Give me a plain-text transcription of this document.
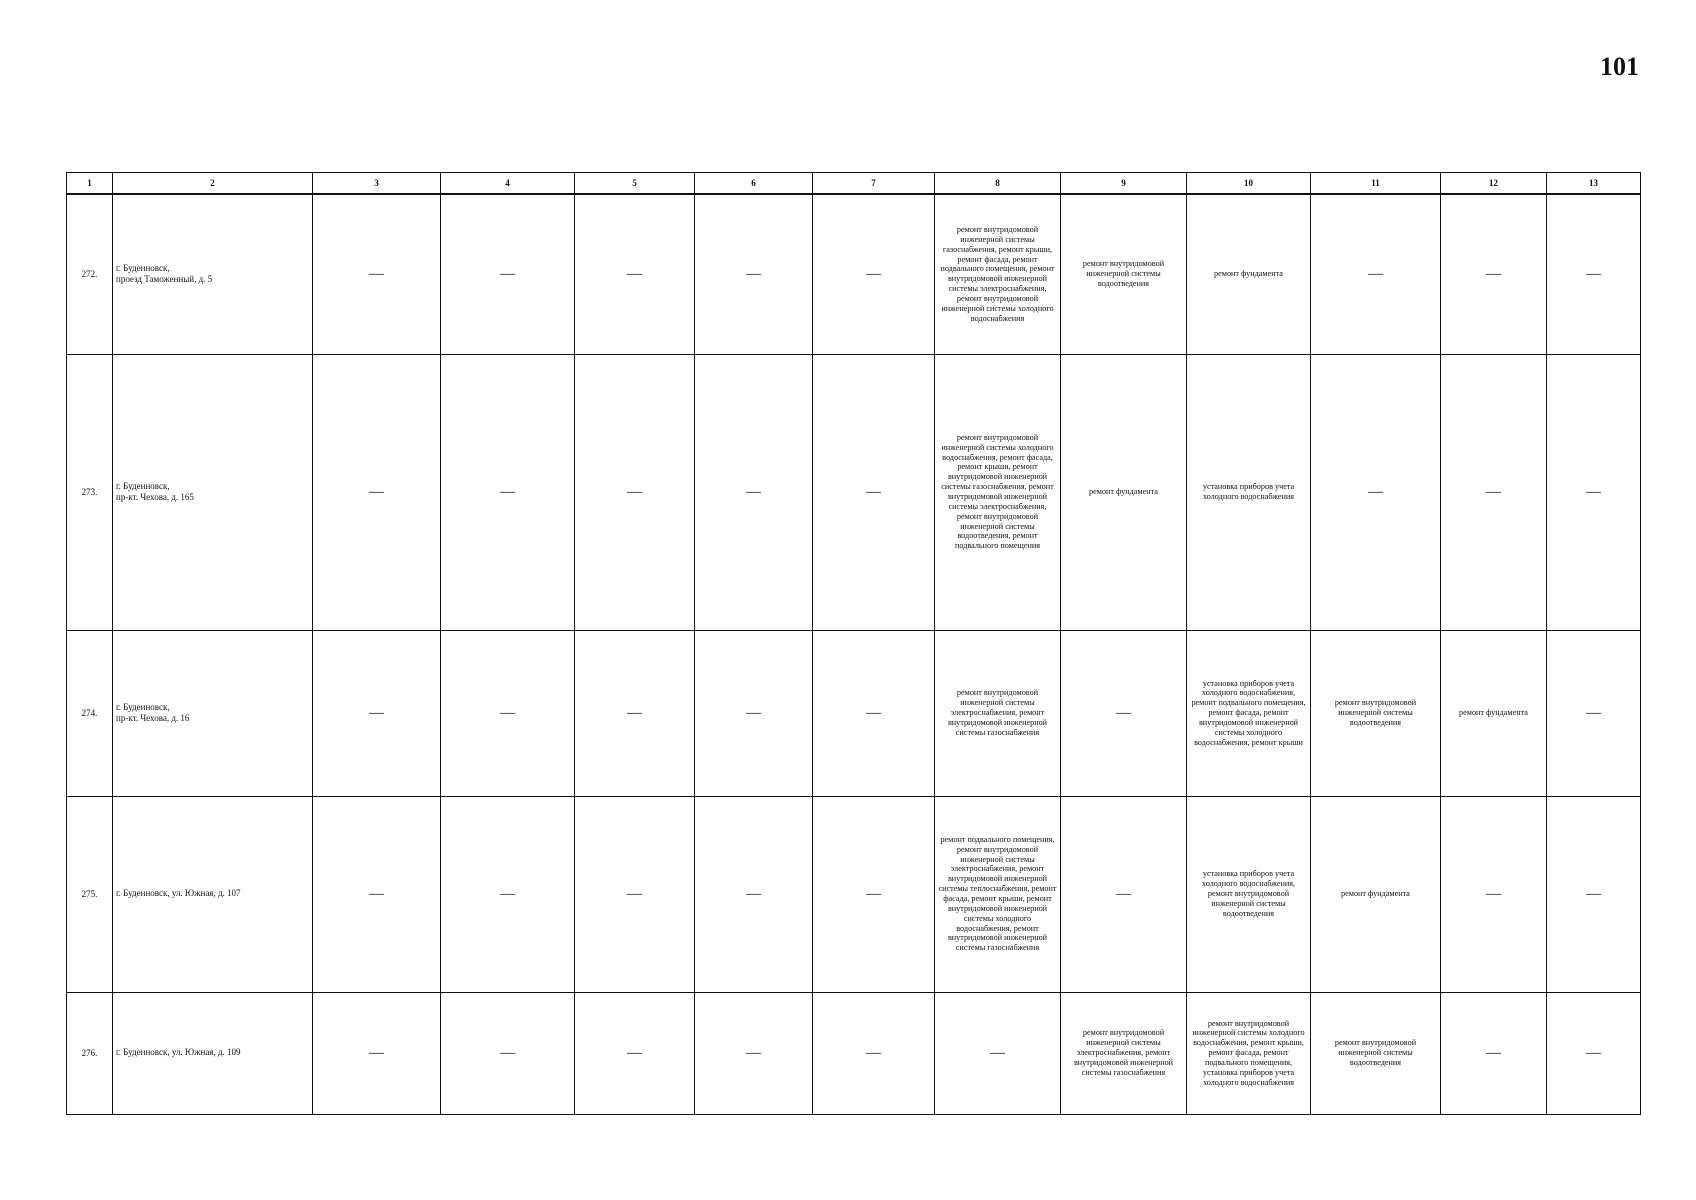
101
1	2	3	4	5	6	7	8	9	10	11	12	13
272.	г. Буденновск,
проезд Таможенный, д. 5	—	—	—	—	—	ремонт внутридомовой инженерной системы газоснабжения, ремонт крыши, ремонт фасада, ремонт подвального помещения, ремонт внутридомовой инженерной системы электроснабжения, ремонт внутридомовой инженерной системы холодного водоснабжения	ремонт внутридомовой инженерной системы водоотведения	ремонт фундамента	—	—	—
273.	г. Буденновск,
пр-кт. Чехова, д. 165	—	—	—	—	—	ремонт внутридомовой инженерной системы холодного водоснабжения, ремонт фасада, ремонт крыши, ремонт внутридомовой инженерной системы газоснабжения, ремонт внутридомовой инженерной системы электроснабжения, ремонт внутридомовой инженерной системы водоотведения, ремонт подвального помещения	ремонт фундамента	установка приборов учета холодного водоснабжения	—	—	—
274.	г. Буденновск,
пр-кт. Чехова, д. 16	—	—	—	—	—	ремонт внутридомовой инженерной системы электроснабжения, ремонт внутридомовой инженерной системы газоснабжения	—	установка приборов учета холодного водоснабжения, ремонт подвального помещения, ремонт фасада, ремонт внутридомовой инженерной системы холодного водоснабжения, ремонт крыши	ремонт внутридомовой инженерной системы водоотведения	ремонт фундамента	—
275.	г. Буденновск, ул. Южная, д. 107	—	—	—	—	—	ремонт подвального помещения, ремонт внутридомовой инженерной системы электроснабжения, ремонт внутридомовой инженерной системы теплоснабжения, ремонт фасада, ремонт крыши, ремонт внутридомовой инженерной системы холодного водоснабжения, ремонт внутридомовой инженерной системы газоснабжения	—	установка приборов учета холодного водоснабжения, ремонт внутридомовой инженерной системы водоотведения	ремонт фундамента	—	—
276.	г. Буденновск, ул. Южная, д. 109	—	—	—	—	—	—	ремонт внутридомовой инженерной системы электроснабжения, ремонт внутридомовой инженерной системы газоснабжения	ремонт внутридомовой инженерной системы холодного водоснабжения, ремонт крыши, ремонт фасада, ремонт подвального помещения, установка приборов учета холодного водоснабжения	ремонт внутридомовой инженерной системы водоотведения	—	—
